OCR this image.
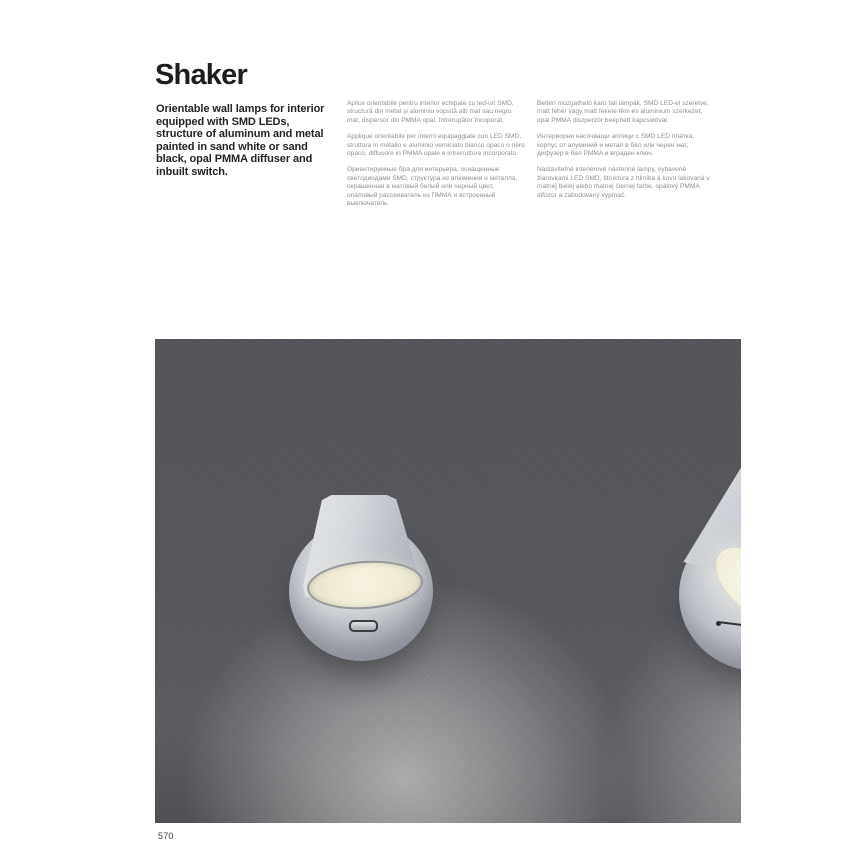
Shaker
Orientable wall lamps for interior equipped with SMD LEDs, structure of aluminum and metal painted in sand white or sand black, opal PMMA diffuser and inbuilt switch.

Aplice orientabile pentru interior echipate cu led-uri SMD, structură din metal și aluminiu vopsită alb mat sau negru mat, dispersor din PMMA opal, întrerupător încoporat.

Applique orientabile per interni equipaggiate con LED SMD, struttura in metallo e aluminio verniciato bianco opaco o nero opaco, diffusore in PMMA opale e intrerruttore incorporato.

Ориентируемые бра для интерьера, оснащенные светодиодами SMD, структура из алюминия и металла, окрашенная в матовый белый или черный цвет, опаловый рассеиватель из ПММА и встроенный выключатель.

Beltéri mozgatható karú fali lámpák, SMD LED-el szerelve, matt fehér vagy matt fekete fém és aluminium szerkezet, opál PMMA diszperzór beépített kapcsolóval.

Интериорни насочващи аплици с SMD LED платка, корпус от алуминий и метал в бял или черен мат, дифузер в бял PMMA и вграден ключ.

Nastaviteľné interiérové nástenné lampy, vybavené žiarovkami LED SMD, štruktúra z hliníka a kovu lakovaná v matnej bielej alebo matnej čiernej farbe, opálový PMMA difúzor a zabudovaný vypínač.

570
